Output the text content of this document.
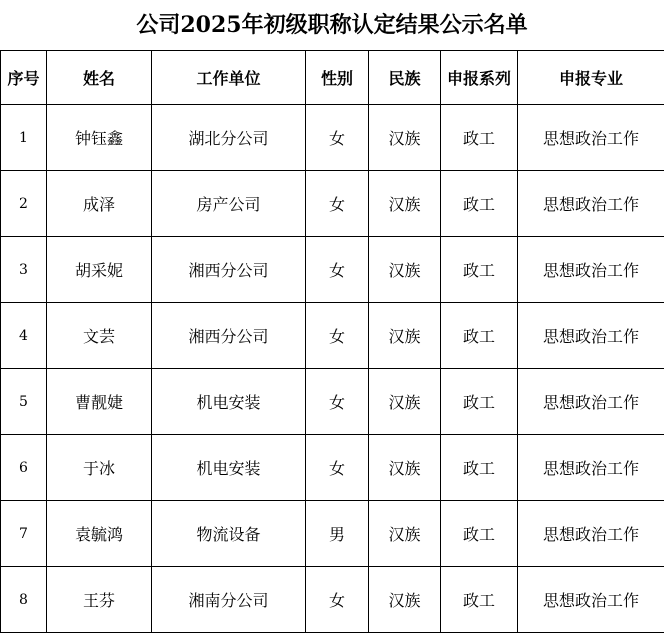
公司2025年初级职称认定结果公示名单
序号	姓名	工作单位	性别	民族	申报系列	申报专业
1	钟钰鑫	湖北分公司	女	汉族	政工	思想政治工作
2	成泽	房产公司	女	汉族	政工	思想政治工作
3	胡采妮	湘西分公司	女	汉族	政工	思想政治工作
4	文芸	湘西分公司	女	汉族	政工	思想政治工作
5	曹靓婕	机电安装	女	汉族	政工	思想政治工作
6	于冰	机电安装	女	汉族	政工	思想政治工作
7	袁毓鸿	物流设备	男	汉族	政工	思想政治工作
8	王芬	湘南分公司	女	汉族	政工	思想政治工作
